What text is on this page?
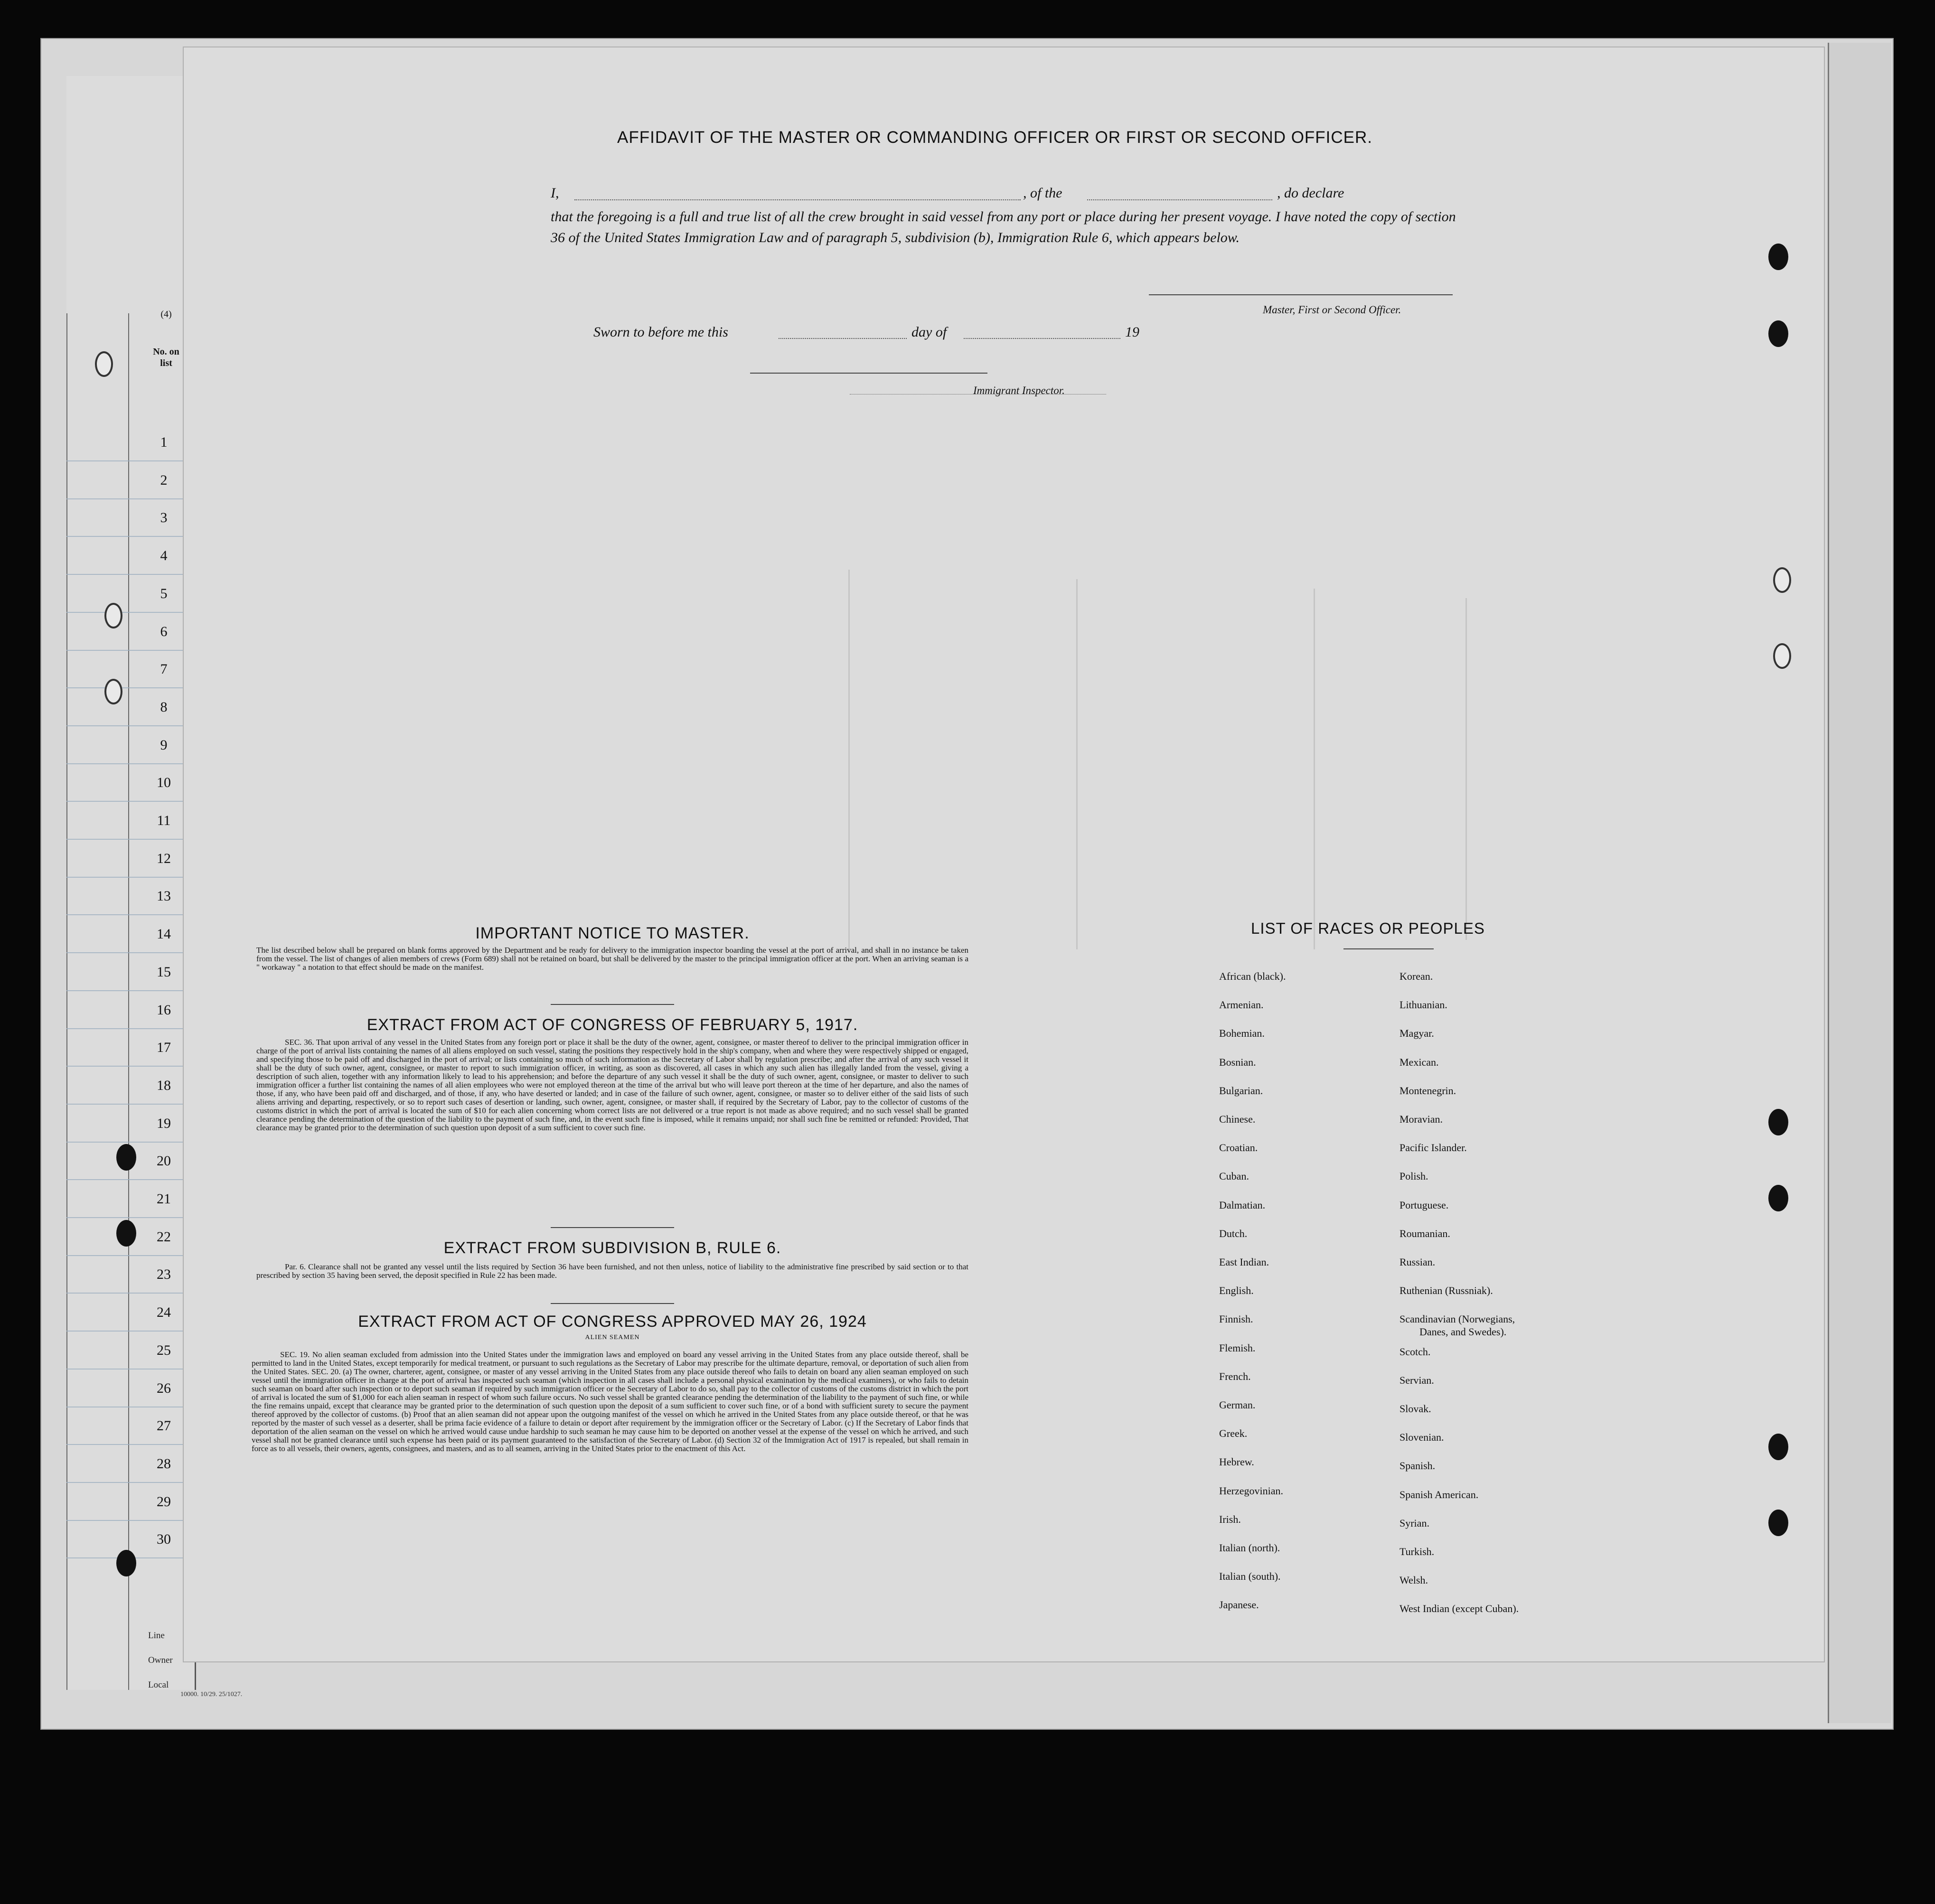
(4)
No. on list
1
2
3
4
5
6
7
8
9
10
11
12
13
14
15
16
17
18
19
20
21
22
23
24
25
26
27
28
29
30
Line
Owner
Local
10000. 10/29. 25/1027.
AFFIDAVIT OF THE MASTER OR COMMANDING OFFICER OR FIRST OR SECOND OFFICER.
I,	, of the	, do declare
that the foregoing is a full and true list of all the crew brought in said vessel from any port or place during her present voyage. I have noted the copy of section 36 of the United States Immigration Law and of paragraph 5, subdivision (b), Immigration Rule 6, which appears below.
Master, First or Second Officer.
Sworn to before me this	day of	19
Immigrant Inspector.
IMPORTANT NOTICE TO MASTER.
The list described below shall be prepared on blank forms approved by the Department and be ready for delivery to the immigration inspector boarding the vessel at the port of arrival, and shall in no instance be taken from the vessel. The list of changes of alien members of crews (Form 689) shall not be retained on board, but shall be delivered by the master to the principal immigration officer at the port. When an arriving seaman is a " workaway " a notation to that effect should be made on the manifest.
EXTRACT FROM ACT OF CONGRESS OF FEBRUARY 5, 1917.
SEC. 36. That upon arrival of any vessel in the United States from any foreign port or place it shall be the duty of the owner, agent, consignee, or master thereof to deliver to the principal immigration officer in charge of the port of arrival lists containing the names of all aliens employed on such vessel, stating the positions they respectively hold in the ship's company, when and where they were respectively shipped or engaged, and specifying those to be paid off and discharged in the port of arrival; or lists containing so much of such information as the Secretary of Labor shall by regulation prescribe; and after the arrival of any such vessel it shall be the duty of such owner, agent, consignee, or master to report to such immigration officer, in writing, as soon as discovered, all cases in which any such alien has illegally landed from the vessel, giving a description of such alien, together with any information likely to lead to his apprehension; and before the departure of any such vessel it shall be the duty of such owner, agent, consignee, or master to deliver to such immigration officer a further list containing the names of all alien employees who were not employed thereon at the time of the arrival but who will leave port thereon at the time of her departure, and also the names of those, if any, who have been paid off and discharged, and of those, if any, who have deserted or landed; and in case of the failure of such owner, agent, consignee, or master so to deliver either of the said lists of such aliens arriving and departing, respectively, or so to report such cases of desertion or landing, such owner, agent, consignee, or master shall, if required by the Secretary of Labor, pay to the collector of customs of the customs district in which the port of arrival is located the sum of $10 for each alien concerning whom correct lists are not delivered or a true report is not made as above required; and no such vessel shall be granted clearance pending the determination of the question of the liability to the payment of such fine, and, in the event such fine is imposed, while it remains unpaid; nor shall such fine be remitted or refunded: Provided, That clearance may be granted prior to the determination of such question upon deposit of a sum sufficient to cover such fine.
EXTRACT FROM SUBDIVISION B, RULE 6.
Par. 6. Clearance shall not be granted any vessel until the lists required by Section 36 have been furnished, and not then unless, notice of liability to the administrative fine prescribed by said section or to that prescribed by section 35 having been served, the deposit specified in Rule 22 has been made.
EXTRACT FROM ACT OF CONGRESS APPROVED MAY 26, 1924
ALIEN SEAMEN
SEC. 19. No alien seaman excluded from admission into the United States under the immigration laws and employed on board any vessel arriving in the United States from any place outside thereof, shall be permitted to land in the United States, except temporarily for medical treatment, or pursuant to such regulations as the Secretary of Labor may prescribe for the ultimate departure, removal, or deportation of such alien from the United States. SEC. 20. (a) The owner, charterer, agent, consignee, or master of any vessel arriving in the United States from any place outside thereof who fails to detain on board any alien seaman employed on such vessel until the immigration officer in charge at the port of arrival has inspected such seaman (which inspection in all cases shall include a personal physical examination by the medical examiners), or who fails to detain such seaman on board after such inspection or to deport such seaman if required by such immigration officer or the Secretary of Labor to do so, shall pay to the collector of customs of the customs district in which the port of arrival is located the sum of $1,000 for each alien seaman in respect of whom such failure occurs. No such vessel shall be granted clearance pending the determination of the liability to the payment of such fine, or while the fine remains unpaid, except that clearance may be granted prior to the determination of such question upon the deposit of a sum sufficient to cover such fine, or of a bond with sufficient surety to secure the payment thereof approved by the collector of customs. (b) Proof that an alien seaman did not appear upon the outgoing manifest of the vessel on which he arrived in the United States from any place outside thereof, or that he was reported by the master of such vessel as a deserter, shall be prima facie evidence of a failure to detain or deport after requirement by the immigration officer or the Secretary of Labor. (c) If the Secretary of Labor finds that deportation of the alien seaman on the vessel on which he arrived would cause undue hardship to such seaman he may cause him to be deported on another vessel at the expense of the vessel on which he arrived, and such vessel shall not be granted clearance until such expense has been paid or its payment guaranteed to the satisfaction of the Secretary of Labor. (d) Section 32 of the Immigration Act of 1917 is repealed, but shall remain in force as to all vessels, their owners, agents, consignees, and masters, and as to all seamen, arriving in the United States prior to the enactment of this Act.
LIST OF RACES OR PEOPLES
African (black).
Armenian.
Bohemian.
Bosnian.
Bulgarian.
Chinese.
Croatian.
Cuban.
Dalmatian.
Dutch.
East Indian.
English.
Finnish.
Flemish.
French.
German.
Greek.
Hebrew.
Herzegovinian.
Irish.
Italian (north).
Italian (south).
Japanese.
Korean.
Lithuanian.
Magyar.
Mexican.
Montenegrin.
Moravian.
Pacific Islander.
Polish.
Portuguese.
Roumanian.
Russian.
Ruthenian (Russniak).
Scandinavian (Norwegians,
Danes, and Swedes).
Scotch.
Servian.
Slovak.
Slovenian.
Spanish.
Spanish American.
Syrian.
Turkish.
Welsh.
West Indian (except Cuban).
